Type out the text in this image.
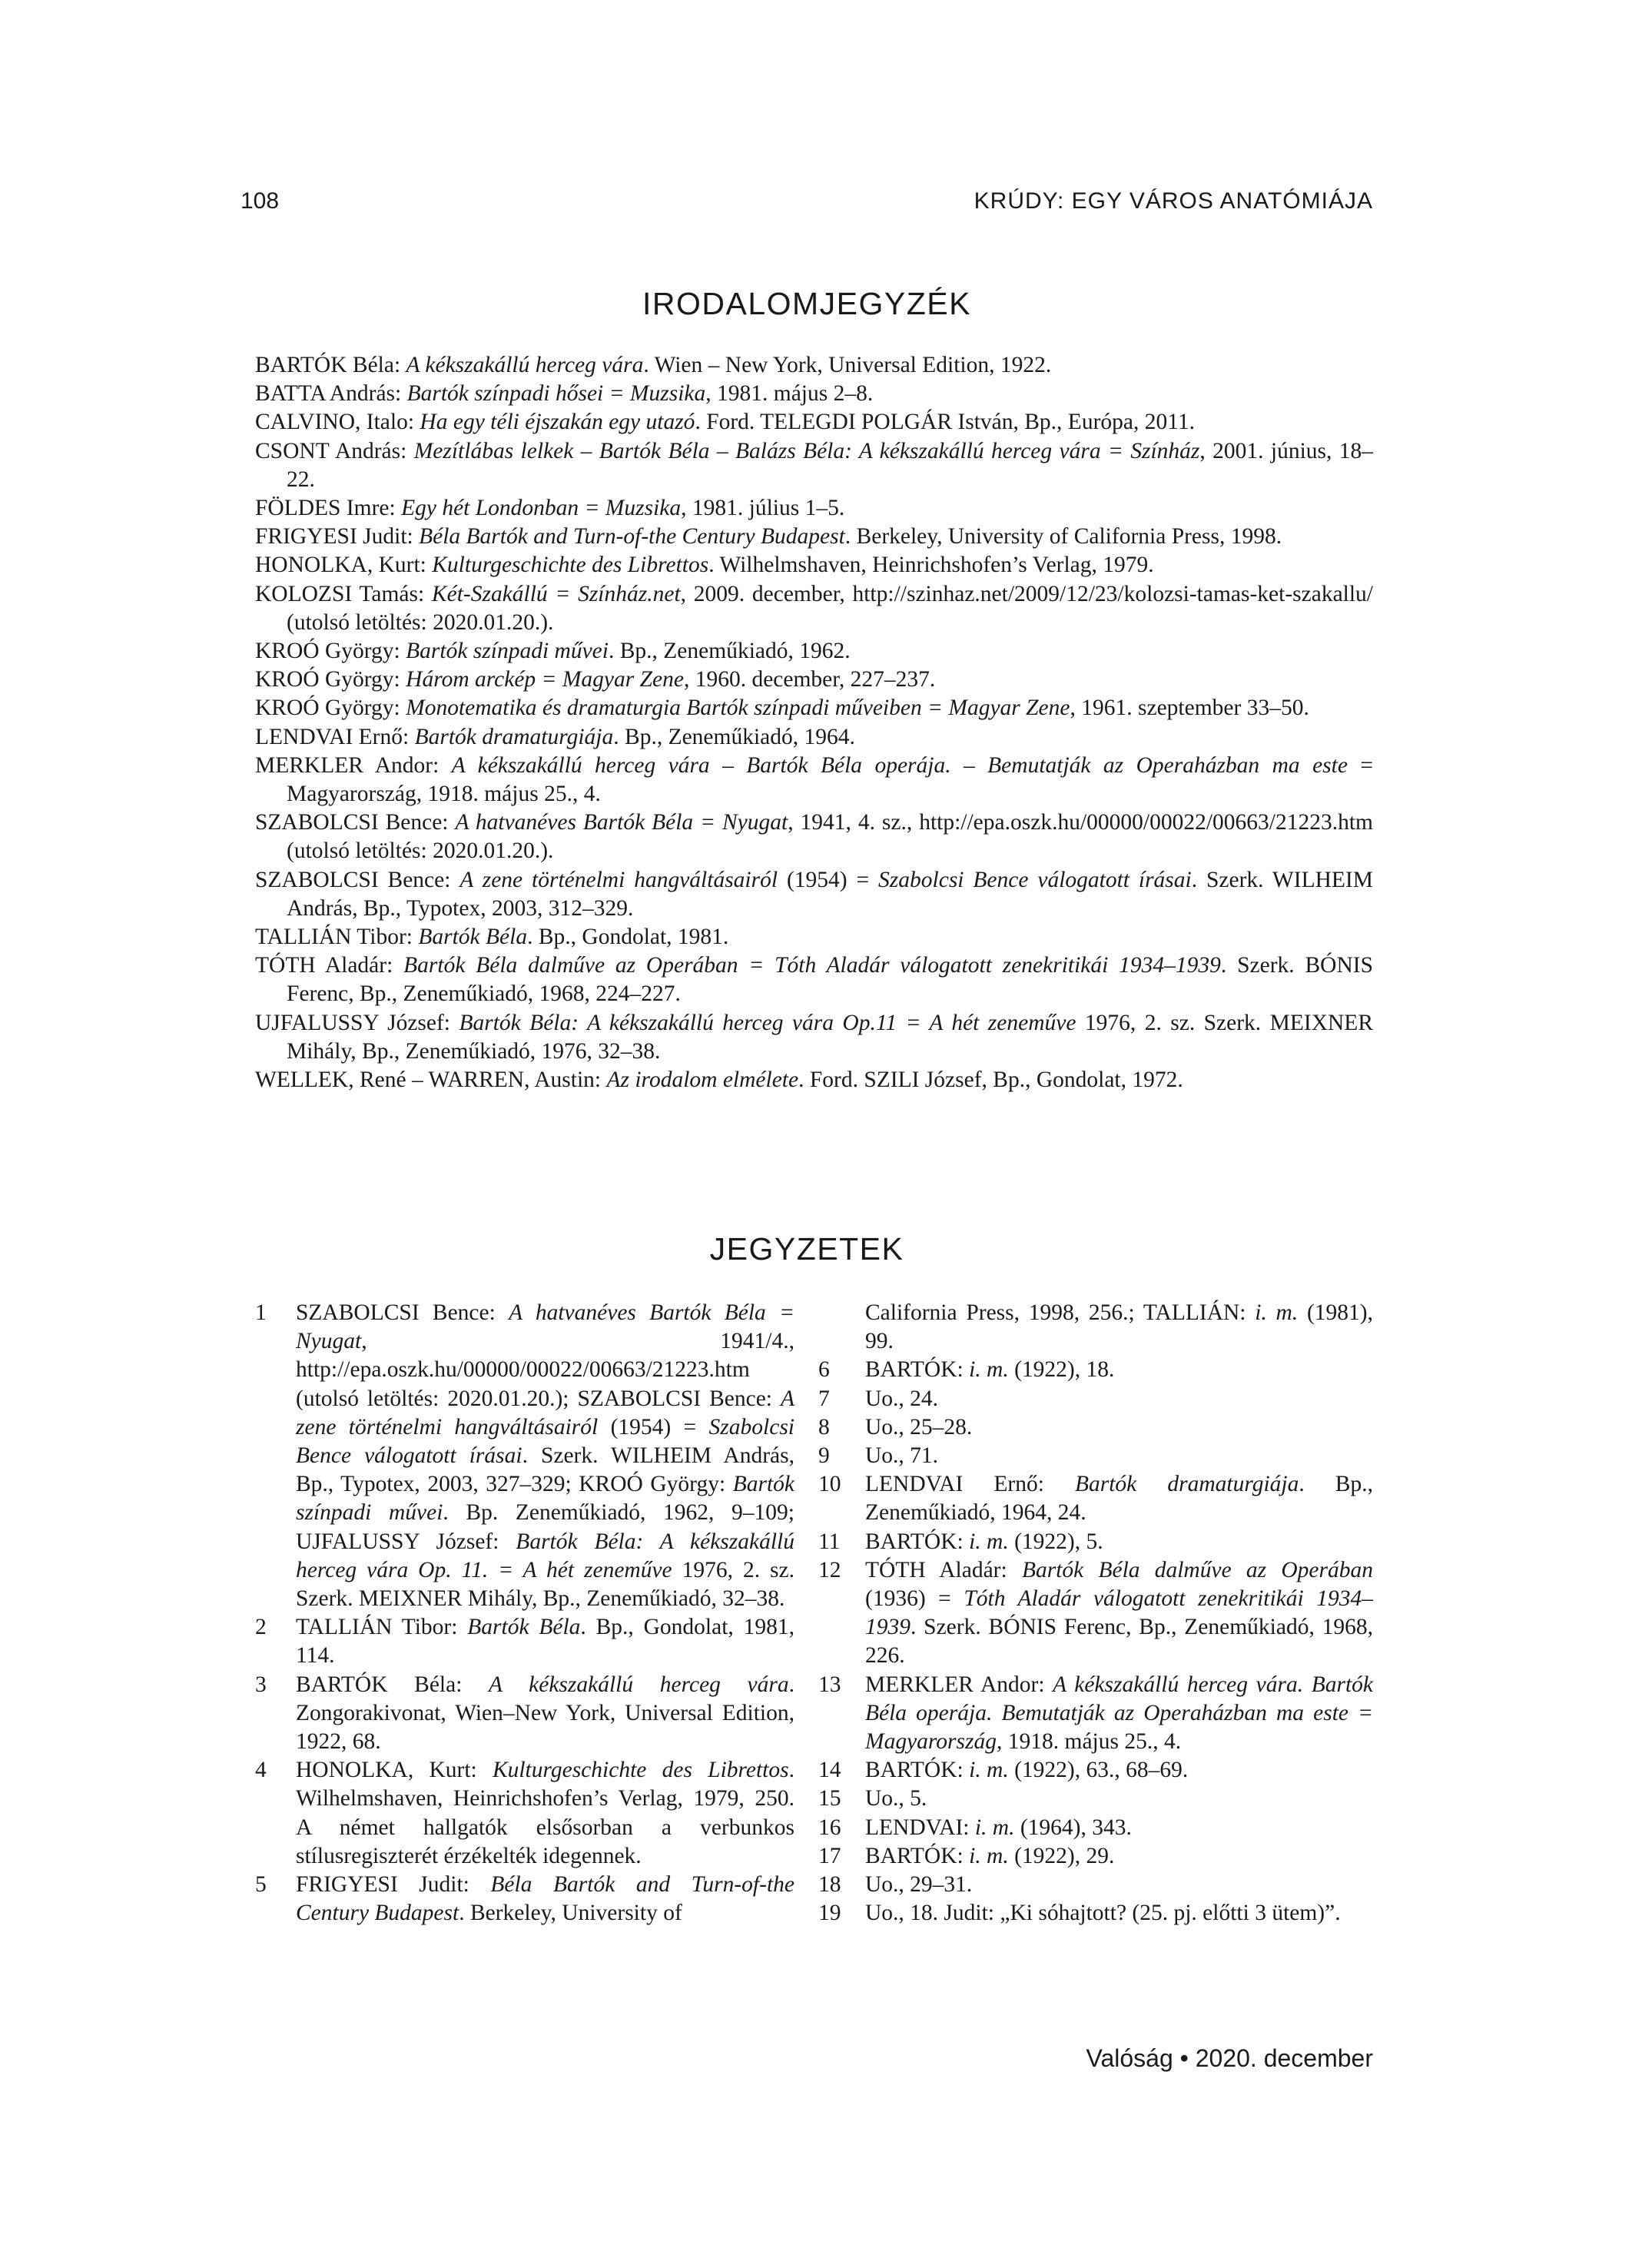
108	KRÚDY: EGY VÁROS ANATÓMIÁJA
IRODALOMJEGYZÉK
BARTÓK Béla: A kékszakállú herceg vára. Wien – New York, Universal Edition, 1922.
BATTA András: Bartók színpadi hősei = Muzsika, 1981. május 2–8.
CALVINO, Italo: Ha egy téli éjszakán egy utazó. Ford. TELEGDI POLGÁR István, Bp., Európa, 2011.
CSONT András: Mezítlábas lelkek – Bartók Béla – Balázs Béla: A kékszakállú herceg vára = Színház, 2001. június, 18–22.
FÖLDES Imre: Egy hét Londonban = Muzsika, 1981. július 1–5.
FRIGYESI Judit: Béla Bartók and Turn-of-the Century Budapest. Berkeley, University of California Press, 1998.
HONOLKA, Kurt: Kulturgeschichte des Librettos. Wilhelmshaven, Heinrichshofen’s Verlag, 1979.
KOLOZSI Tamás: Két-Szakállú = Színház.net, 2009. december, http://szinhaz.net/2009/12/23/kolozsi-tamas-ket-szakallu/ (utolsó letöltés: 2020.01.20.).
KROÓ György: Bartók színpadi művei. Bp., Zeneműkiadó, 1962.
KROÓ György: Három arckép = Magyar Zene, 1960. december, 227–237.
KROÓ György: Monotematika és dramaturgia Bartók színpadi műveiben = Magyar Zene, 1961. szeptember 33–50.
LENDVAI Ernő: Bartók dramaturgiája. Bp., Zeneműkiadó, 1964.
MERKLER Andor: A kékszakállú herceg vára – Bartók Béla operája. – Bemutatják az Operaházban ma este = Magyarország, 1918. május 25., 4.
SZABOLCSI Bence: A hatvanéves Bartók Béla = Nyugat, 1941, 4. sz., http://epa.oszk.hu/00000/00022/00663/21223.htm (utolsó letöltés: 2020.01.20.).
SZABOLCSI Bence: A zene történelmi hangváltásairól (1954) = Szabolcsi Bence válogatott írásai. Szerk. WILHEIM András, Bp., Typotex, 2003, 312–329.
TALLIÁN Tibor: Bartók Béla. Bp., Gondolat, 1981.
TÓTH Aladár: Bartók Béla dalműve az Operában = Tóth Aladár válogatott zenekritikái 1934–1939. Szerk. BÓNIS Ferenc, Bp., Zeneműkiadó, 1968, 224–227.
UJFALUSSY József: Bartók Béla: A kékszakállú herceg vára Op.11 = A hét zeneműve 1976, 2. sz. Szerk. MEIXNER Mihály, Bp., Zeneműkiadó, 1976, 32–38.
WELLEK, René – WARREN, Austin: Az irodalom elmélete. Ford. SZILI József, Bp., Gondolat, 1972.
JEGYZETEK
1 SZABOLCSI Bence: A hatvanéves Bartók Béla = Nyugat, 1941/4., http://epa.oszk.hu/00000/00022/00663/21223.htm (utolsó letöltés: 2020.01.20.); SZABOLCSI Bence: A zene történelmi hangváltásairól (1954) = Szabolcsi Bence válogatott írásai. Szerk. WILHEIM András, Bp., Typotex, 2003, 327–329; KROÓ György: Bartók színpadi művei. Bp. Zeneműkiadó, 1962, 9–109; UJFALUSSY József: Bartók Béla: A kékszakállú herceg vára Op. 11. = A hét zeneműve 1976, 2. sz. Szerk. MEIXNER Mihály, Bp., Zeneműkiadó, 32–38.
2 TALLIÁN Tibor: Bartók Béla. Bp., Gondolat, 1981, 114.
3 BARTÓK Béla: A kékszakállú herceg vára. Zongorakivonat, Wien–New York, Universal Edition, 1922, 68.
4 HONOLKA, Kurt: Kulturgeschichte des Librettos. Wilhelmshaven, Heinrichshofen’s Verlag, 1979, 250. A német hallgatók elsősorban a verbunkos stílusregiszterét érzékelték idegennek.
5 FRIGYESI Judit: Béla Bartók and Turn-of-the Century Budapest. Berkeley, University of
California Press, 1998, 256.; TALLIÁN: i. m. (1981), 99.
6 BARTÓK: i. m. (1922), 18.
7 Uo., 24.
8 Uo., 25–28.
9 Uo., 71.
10 LENDVAI Ernő: Bartók dramaturgiája. Bp., Zeneműkiadó, 1964, 24.
11 BARTÓK: i. m. (1922), 5.
12 TÓTH Aladár: Bartók Béla dalműve az Operában (1936) = Tóth Aladár válogatott zenekritikái 1934–1939. Szerk. BÓNIS Ferenc, Bp., Zeneműkiadó, 1968, 226.
13 MERKLER Andor: A kékszakállú herceg vára. Bartók Béla operája. Bemutatják az Operaházban ma este = Magyarország, 1918. május 25., 4.
14 BARTÓK: i. m. (1922), 63., 68–69.
15 Uo., 5.
16 LENDVAI: i. m. (1964), 343.
17 BARTÓK: i. m. (1922), 29.
18 Uo., 29–31.
19 Uo., 18. Judit: „Ki sóhajtott? (25. pj. előtti 3 ütem)”.
Valóság • 2020. december
